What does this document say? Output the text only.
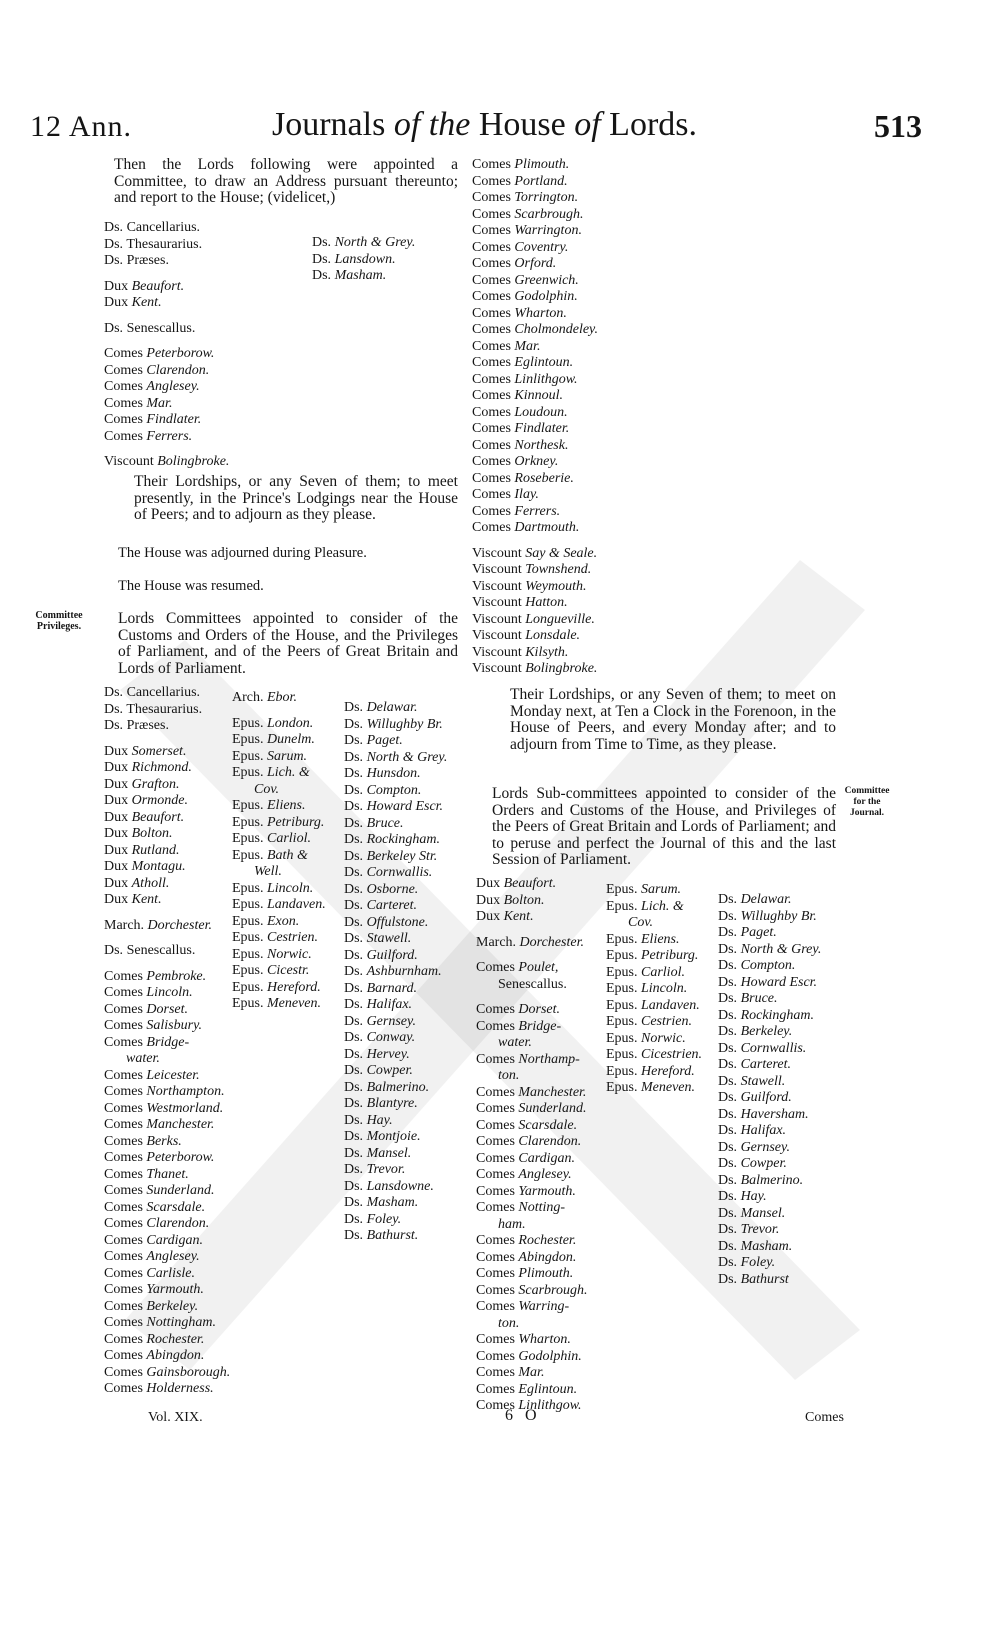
12 Ann.	Journals of the House of Lords.	513
Then the Lords following were appointed a Committee, to draw an Address pursuant thereunto; and report to the House; (videlicet,)
Ds. Cancellarius.
Ds. Thesaurarius.
Ds. Præses.
Dux Beaufort.
Dux Kent.
Ds. Senescallus.
Comes Peterborow.
Comes Clarendon.
Comes Anglesey.
Comes Mar.
Comes Findlater.
Comes Ferrers.
Viscount Bolingbroke.
Ds. North & Grey.
Ds. Lansdown.
Ds. Masham.
Their Lordships, or any Seven of them; to meet presently, in the Prince's Lodgings near the House of Peers; and to adjourn as they please.
The House was adjourned during Pleasure.
The House was resumed.
Committee Privileges.	Lords Committees appointed to consider of the Customs and Orders of the House, and the Privileges of Parliament, and of the Peers of Great Britain and Lords of Parliament.
Ds. Cancellarius.
Ds. Thesaurarius.
Ds. Præses.
Dux Somerset.
Dux Richmond.
Dux Grafton.
Dux Ormonde.
Dux Beaufort.
Dux Bolton.
Dux Rutland.
Dux Montagu.
Dux Atholl.
Dux Kent.
March. Dorchester.
Ds. Senescallus.
Comes Pembroke.
Comes Lincoln.
Comes Dorset.
Comes Salisbury.
Comes Bridge-
water.
Comes Leicester.
Comes Northampton.
Comes Westmorland.
Comes Manchester.
Comes Berks.
Comes Peterborow.
Comes Thanet.
Comes Sunderland.
Comes Scarsdale.
Comes Clarendon.
Comes Cardigan.
Comes Anglesey.
Comes Carlisle.
Comes Yarmouth.
Comes Berkeley.
Comes Nottingham.
Comes Rochester.
Comes Abingdon.
Comes Gainsborough.
Comes Holderness.
Arch. Ebor.
Epus. London.
Epus. Dunelm.
Epus. Sarum.
Epus. Lich. &
Cov.
Epus. Eliens.
Epus. Petriburg.
Epus. Carliol.
Epus. Bath &
Well.
Epus. Lincoln.
Epus. Landaven.
Epus. Exon.
Epus. Cestrien.
Epus. Norwic.
Epus. Cicestr.
Epus. Hereford.
Epus. Meneven.
Ds. Delawar.
Ds. Willughby Br.
Ds. Paget.
Ds. North & Grey.
Ds. Hunsdon.
Ds. Compton.
Ds. Howard Escr.
Ds. Bruce.
Ds. Rockingham.
Ds. Berkeley Str.
Ds. Cornwallis.
Ds. Osborne.
Ds. Carteret.
Ds. Offulstone.
Ds. Stawell.
Ds. Guilford.
Ds. Ashburnham.
Ds. Barnard.
Ds. Halifax.
Ds. Gernsey.
Ds. Conway.
Ds. Hervey.
Ds. Cowper.
Ds. Balmerino.
Ds. Blantyre.
Ds. Hay.
Ds. Montjoie.
Ds. Mansel.
Ds. Trevor.
Ds. Lansdowne.
Ds. Masham.
Ds. Foley.
Ds. Bathurst.
Comes Plimouth.
Comes Portland.
Comes Torrington.
Comes Scarbrough.
Comes Warrington.
Comes Coventry.
Comes Orford.
Comes Greenwich.
Comes Godolphin.
Comes Wharton.
Comes Cholmondeley.
Comes Mar.
Comes Eglintoun.
Comes Linlithgow.
Comes Kinnoul.
Comes Loudoun.
Comes Findlater.
Comes Northesk.
Comes Orkney.
Comes Roseberie.
Comes Ilay.
Comes Ferrers.
Comes Dartmouth.
Viscount Say & Seale.
Viscount Townshend.
Viscount Weymouth.
Viscount Hatton.
Viscount Longueville.
Viscount Lonsdale.
Viscount Kilsyth.
Viscount Bolingbroke.
Their Lordships, or any Seven of them; to meet on Monday next, at Ten a Clock in the Forenoon, in the House of Peers, and every Monday after; and to adjourn from Time to Time, as they please.
Lords Sub-committees appointed to consider of the Orders and Customs of the House, and Privileges of the Peers of Great Britain and Lords of Parliament; and to peruse and perfect the Journal of this and the last Session of Parliament.
Committee for the Journal.
Dux Beaufort.
Dux Bolton.
Dux Kent.
March. Dorchester.
Comes Poulet,
Senescallus.
Comes Dorset.
Comes Bridge-
water.
Comes Northamp-
ton.
Comes Manchester.
Comes Sunderland.
Comes Scarsdale.
Comes Clarendon.
Comes Cardigan.
Comes Anglesey.
Comes Yarmouth.
Comes Notting-
ham.
Comes Rochester.
Comes Abingdon.
Comes Plimouth.
Comes Scarbrough.
Comes Warring-
ton.
Comes Wharton.
Comes Godolphin.
Comes Mar.
Comes Eglintoun.
Comes Linlithgow.
Epus. Sarum.
Epus. Lich. &
Cov.
Epus. Eliens.
Epus. Petriburg.
Epus. Carliol.
Epus. Lincoln.
Epus. Landaven.
Epus. Cestrien.
Epus. Norwic.
Epus. Cicestrien.
Epus. Hereford.
Epus. Meneven.
Ds. Delawar.
Ds. Willughby Br.
Ds. Paget.
Ds. North & Grey.
Ds. Compton.
Ds. Howard Escr.
Ds. Bruce.
Ds. Rockingham.
Ds. Berkeley.
Ds. Cornwallis.
Ds. Carteret.
Ds. Stawell.
Ds. Guilford.
Ds. Haversham.
Ds. Halifax.
Ds. Gernsey.
Ds. Cowper.
Ds. Balmerino.
Ds. Hay.
Ds. Mansel.
Ds. Trevor.
Ds. Masham.
Ds. Foley.
Ds. Bathurst
Vol. XIX.	6 O	Comes
